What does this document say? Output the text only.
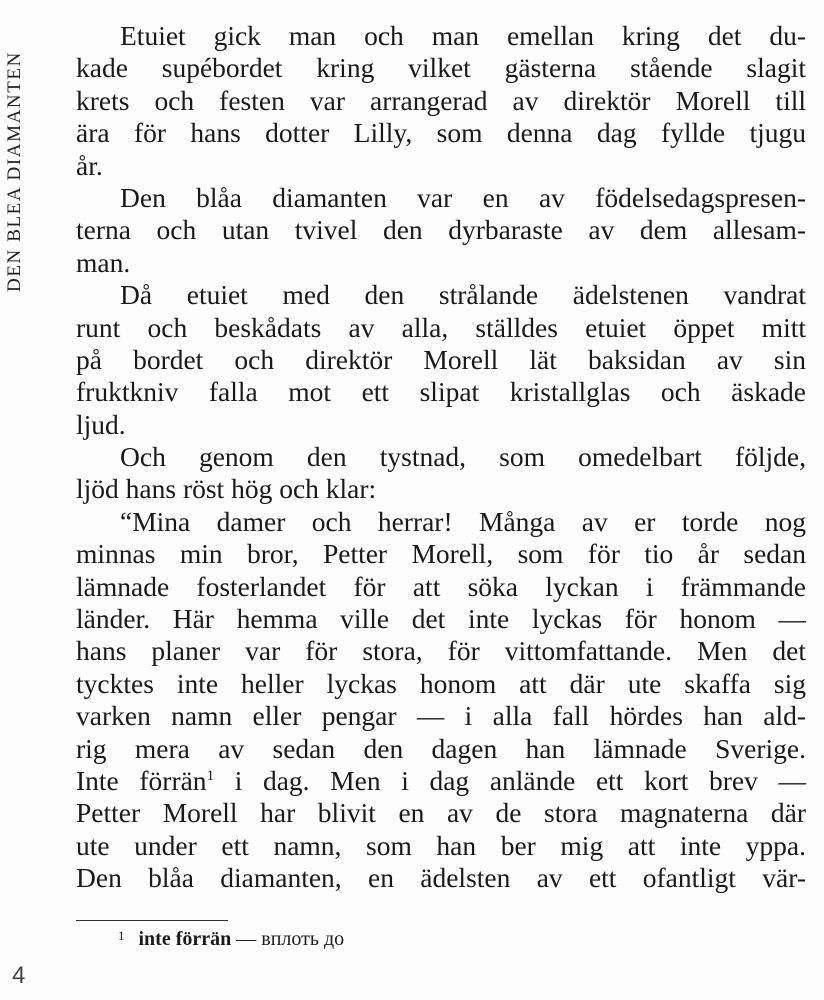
DEN BLEA DIAMANTEN
Etuiet gick man och man emellan kring det du-
kade supébordet kring vilket gästerna stående slagit
krets och festen var arrangerad av direktör Morell till
ära för hans dotter Lilly, som denna dag fyllde tjugu
år.
Den blåa diamanten var en av födelsedagspresen-
terna och utan tvivel den dyrbaraste av dem allesam-
man.
Då etuiet med den strålande ädelstenen vandrat
runt och beskådats av alla, ställdes etuiet öppet mitt
på bordet och direktör Morell lät baksidan av sin
fruktkniv falla mot ett slipat kristallglas och äskade
ljud.
Och genom den tystnad, som omedelbart följde,
ljöd hans röst hög och klar:
“Mina damer och herrar! Många av er torde nog
minnas min bror, Petter Morell, som för tio år sedan
lämnade fosterlandet för att söka lyckan i främmande
länder. Här hemma ville det inte lyckas för honom —
hans planer var för stora, för vittomfattande. Men det
tycktes inte heller lyckas honom att där ute skaffa sig
varken namn eller pengar — i alla fall hördes han ald-
rig mera av sedan den dagen han lämnade Sverige.
Inte förrän$^1$ i dag. Men i dag anlände ett kort brev —
Petter Morell har blivit en av de stora magnaterna där
ute under ett namn, som han ber mig att inte yppa.
Den blåa diamanten, en ädelsten av ett ofantligt vär-
$^1$ inte förrän — вплоть до
4
